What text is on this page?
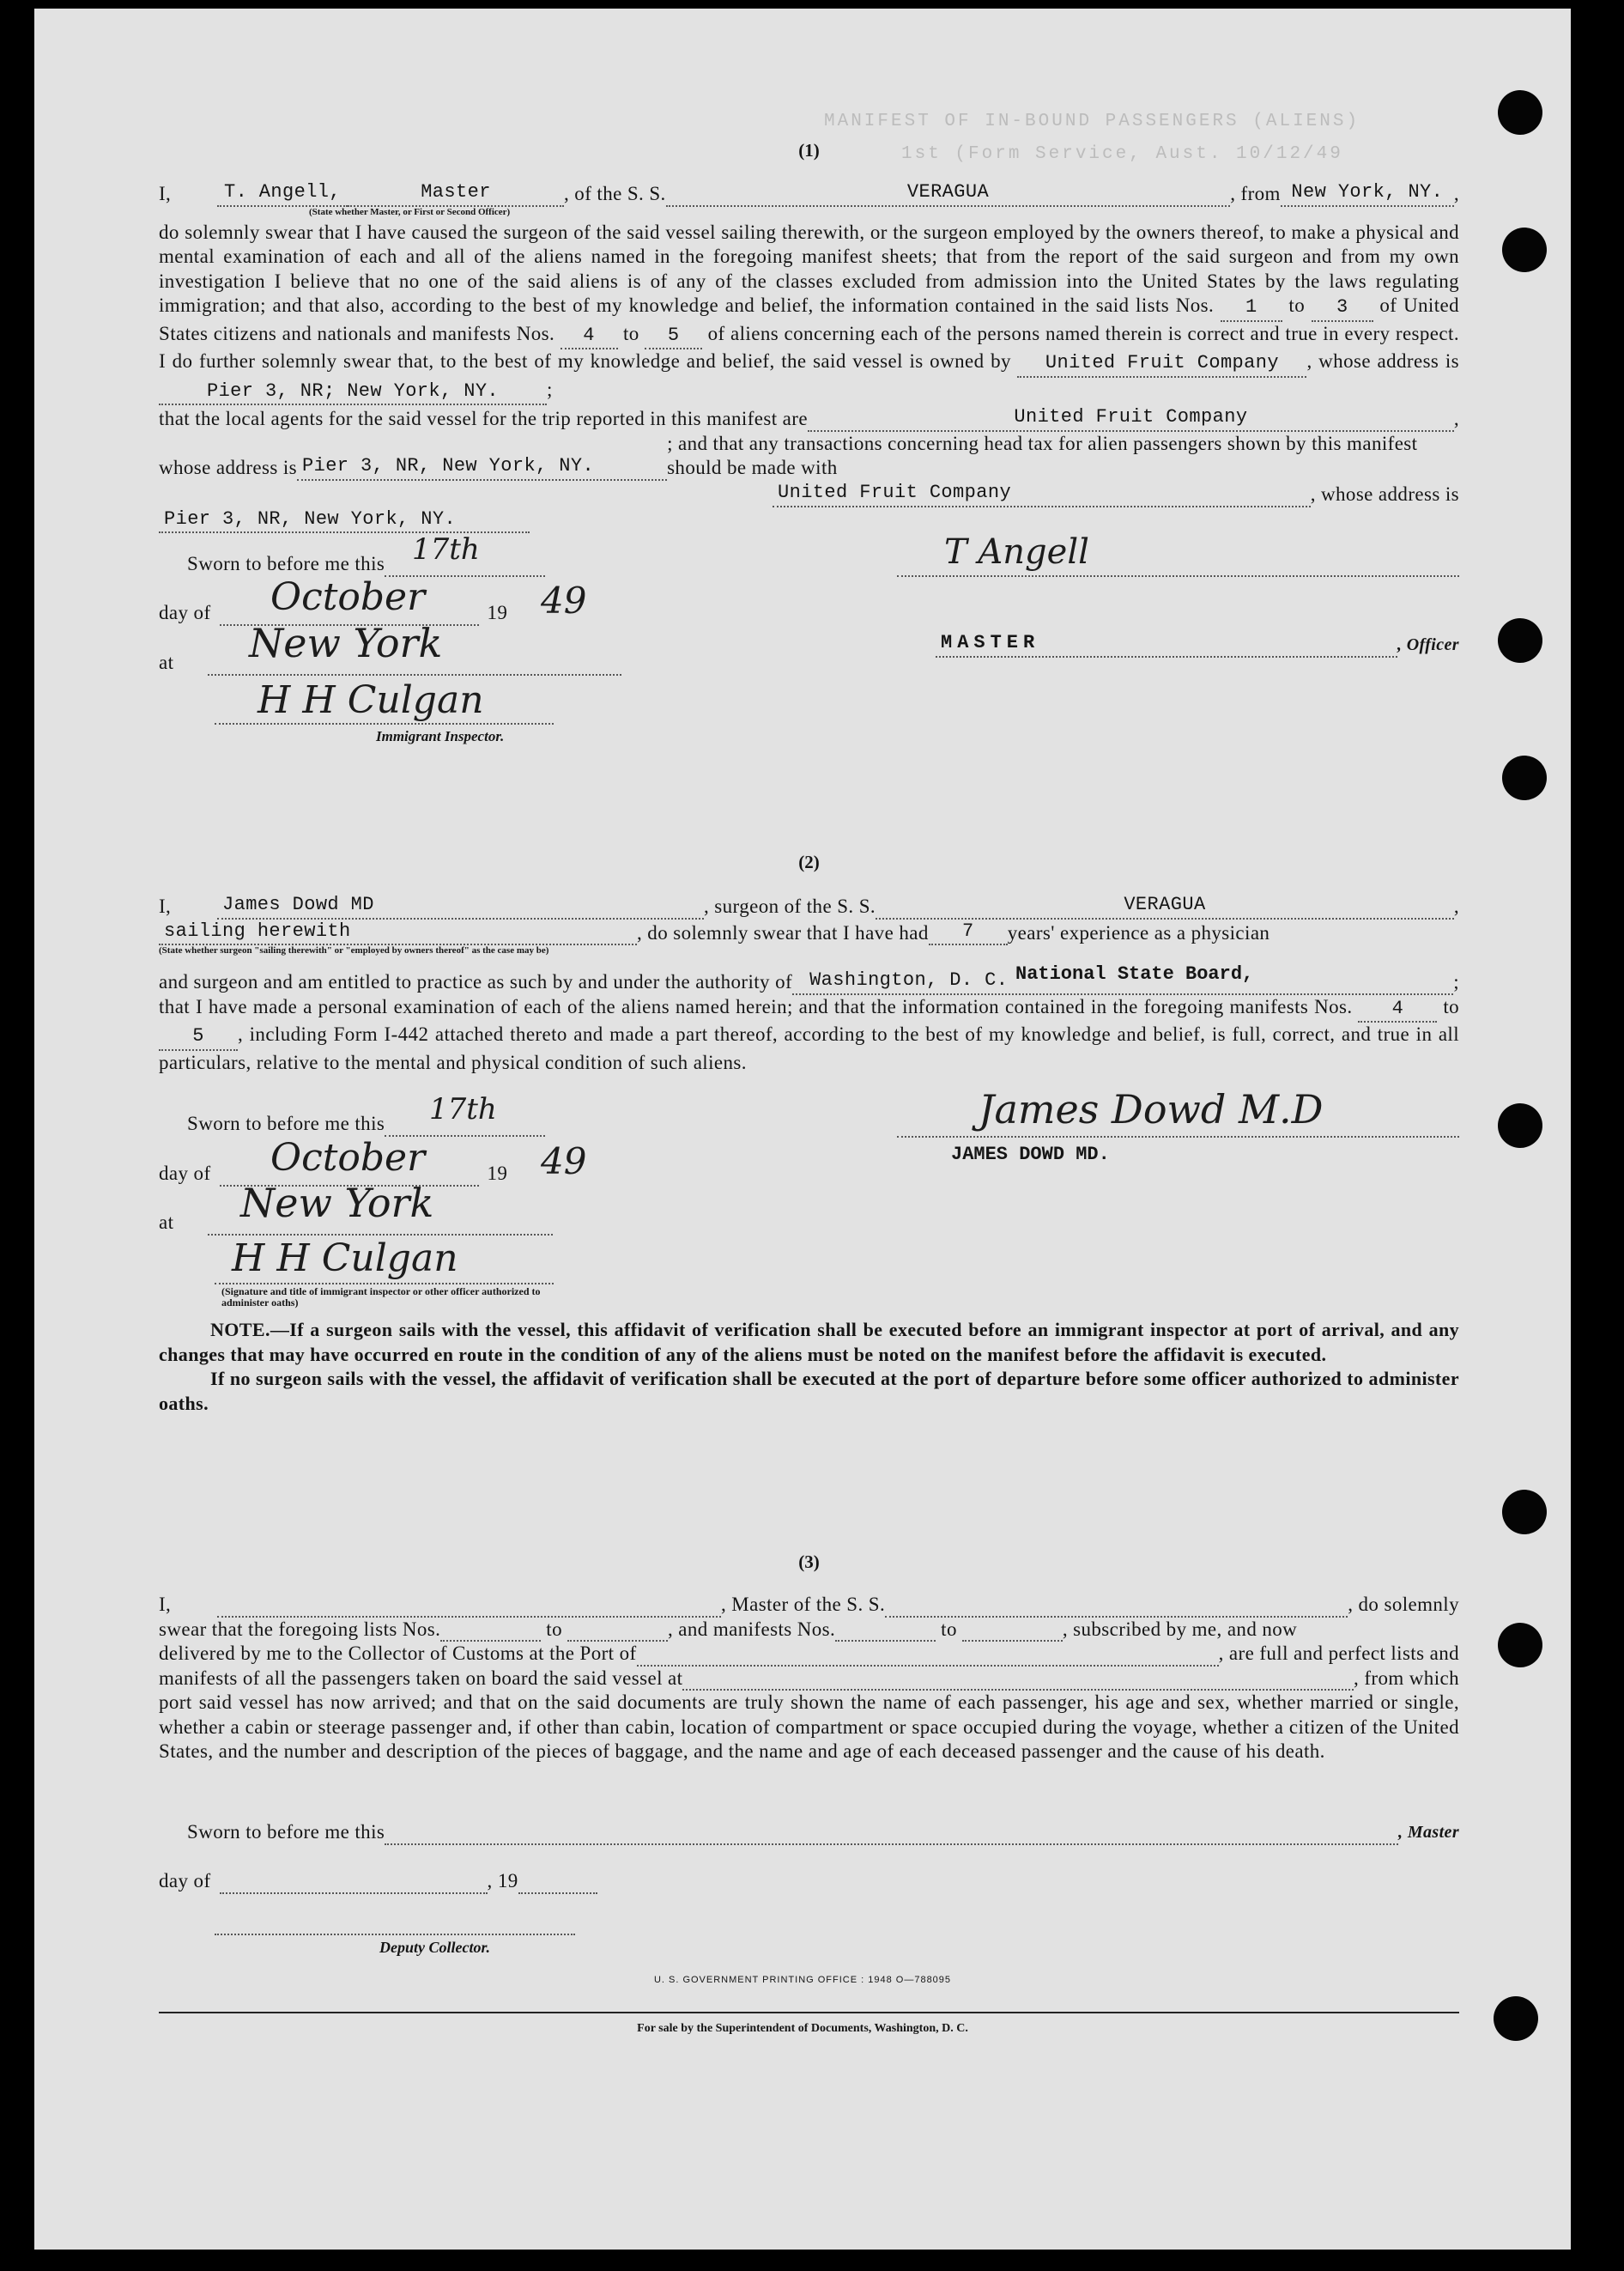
MANIFEST OF IN-BOUND PASSENGERS (ALIENS)
1st (Form Service, Aust. 10/12/49
(1)
I,	T. Angell,	Master	, of the S. S.	VERAGUA	, from New York, NY. ,
(State whether Master, or First or Second Officer)

do solemnly swear that I have caused the surgeon of the said vessel sailing therewith, or the surgeon employed by the owners thereof, to make a physical and mental examination of each and all of the aliens named in the foregoing manifest sheets; that from the report of the said surgeon and from my own investigation I believe that no one of the said aliens is of any of the classes excluded from admission into the United States by the laws regulating immigration; and that also, according to the best of my knowledge and belief, the information contained in the said lists Nos. 1 to 3 of United States citizens and nationals and manifests Nos. 4 to 5 of aliens concerning each of the persons named therein is correct and true in every respect. I do further solemnly swear that, to the best of my knowledge and belief, the said vessel is owned by United Fruit Company , whose address is Pier 3, NR; New York, NY. ;

that the local agents for the said vessel for the trip reported in this manifest are	United Fruit Company	,
whose address is Pier 3, NR, New York, NY.
; and that any transactions concerning head tax for alien passengers shown by this manifest should be made with
United Fruit Company	, whose address is
Pier 3, NR, New York, NY.
Sworn to before me this 17th
day of	19
October	49
at New York
H H Culgan
Immigrant Inspector.
T Angell
MASTER	, Officer
(2)
I,	James Dowd MD	, surgeon of the S. S.	VERAGUA	,
sailing herewith	, do solemnly swear that I have had	7	years' experience as a physician
(State whether surgeon "sailing therewith" or "employed by owners thereof" as the case may be)
National State Board,
and surgeon and am entitled to practice as such by and under the authority of Washington, D. C.	;

that I have made a personal examination of each of the aliens named herein; and that the information contained in the foregoing manifests Nos. 4 to 5 , including Form I-442 attached thereto and made a part thereof, according to the best of my knowledge and belief, is full, correct, and true in all particulars, relative to the mental and physical condition of such aliens.

Sworn to before me this 17th
day of	19
October	49
at New York
H H Culgan
(Signature and title of immigrant inspector or other officer authorized to administer oaths)
James Dowd M.D
JAMES DOWD MD.

NOTE.—If a surgeon sails with the vessel, this affidavit of verification shall be executed before an immigrant inspector at port of arrival, and any changes that may have occurred en route in the condition of any of the aliens must be noted on the manifest before the affidavit is executed.

If no surgeon sails with the vessel, the affidavit of verification shall be executed at the port of departure before some officer authorized to administer oaths.

(3)
I,	, Master of the S. S.	, do solemnly
swear that the foregoing lists Nos.	to	, and manifests Nos.	to	, subscribed by me, and now
delivered by me to the Collector of Customs at the Port of	, are full and perfect lists and
manifests of all the passengers taken on board the said vessel at	, from which

port said vessel has now arrived; and that on the said documents are truly shown the name of each passenger, his age and sex, whether married or single, whether a cabin or steerage passenger and, if other than cabin, location of compartment or space occupied during the voyage, whether a citizen of the United States, and the number and description of the pieces of baggage, and the name and age of each deceased passenger and the cause of his death.

Sworn to before me this	, Master
day of	, 19
Deputy Collector.
U. S. GOVERNMENT PRINTING OFFICE : 1948 O—788095
For sale by the Superintendent of Documents, Washington, D. C.
